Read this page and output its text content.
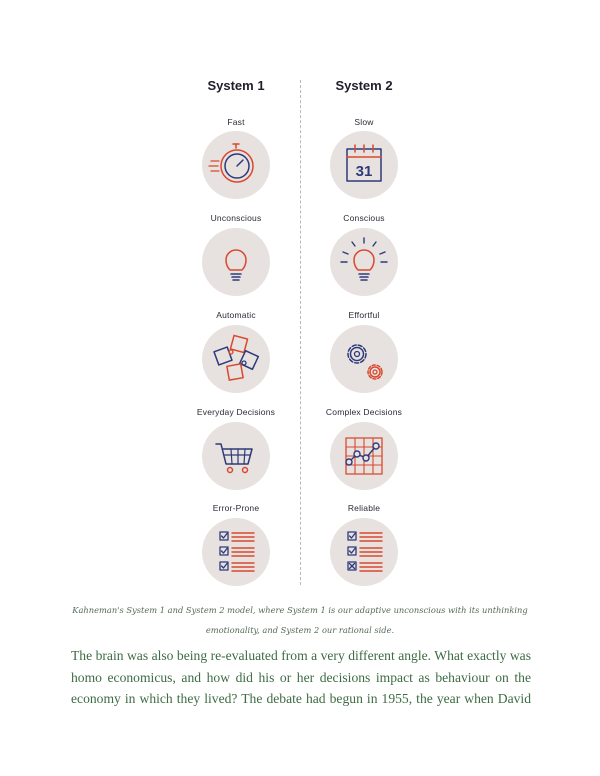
System 1
Fast
Unconscious
Automatic
Everyday Decisions
Error-Prone
System 2
Slow
31
Conscious
Effortful
Complex Decisions
Reliable
Kahneman's System 1 and System 2 model, where System 1 is our adaptive unconscious with its unthinking
emotionality, and System 2 our rational side.
The brain was also being re-evaluated from a very different angle. What exactly was
homo economicus, and how did his or her decisions impact as behaviour on the
economy in which they lived? The debate had begun in 1955, the year when David
